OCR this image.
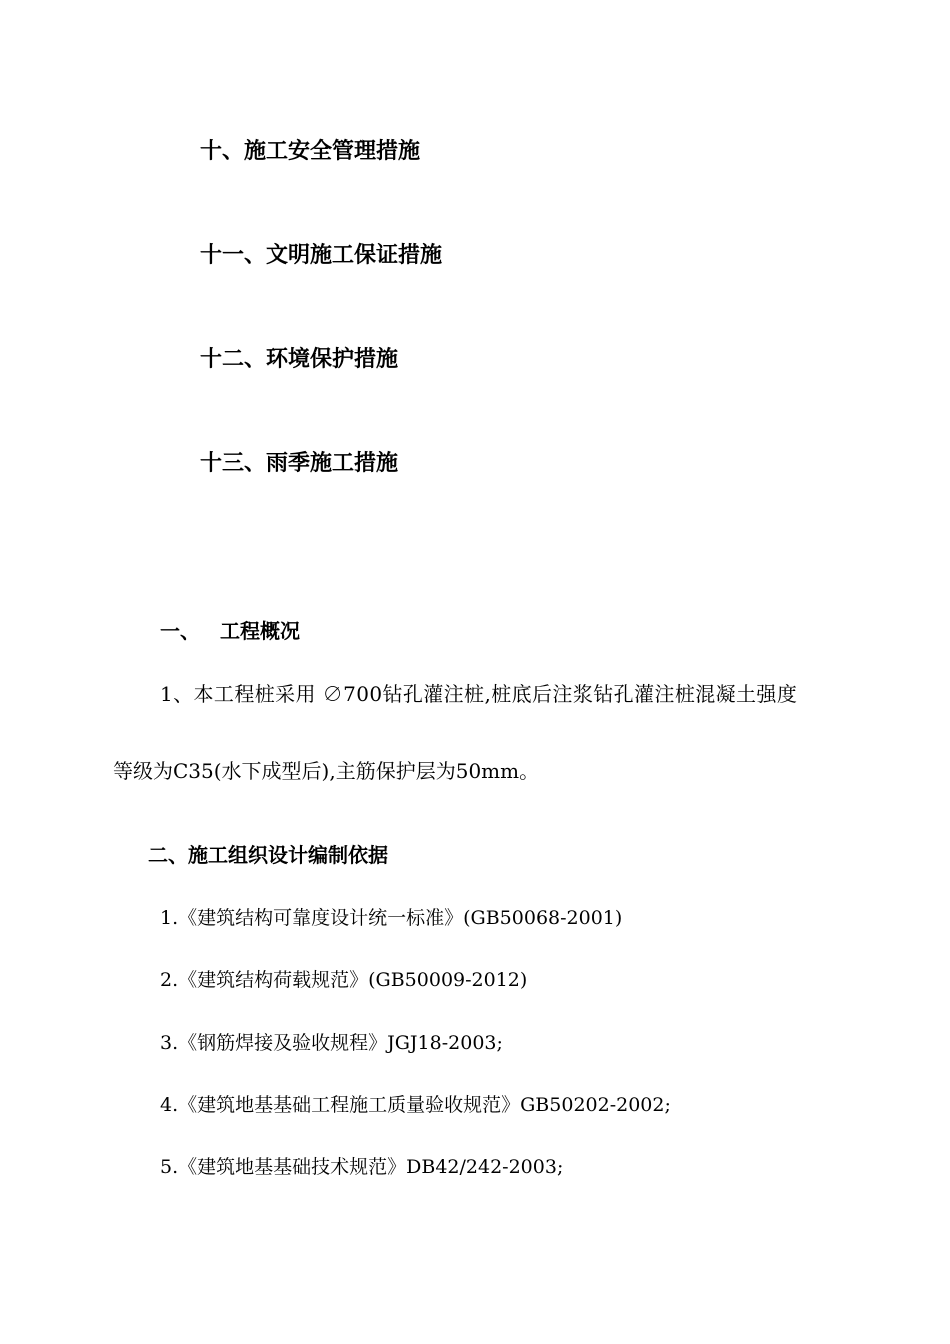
十、施工安全管理措施
十一、文明施工保证措施
十二、环境保护措施
十三、雨季施工措施
一、 工程概况
1、本工程桩采用 ∅700钻孔灌注桩,桩底后注浆钻孔灌注桩混凝土强度
等级为C35(水下成型后),主筋保护层为50mm。
二、施工组织设计编制依据
1.《建筑结构可靠度设计统一标准》(GB50068-2001)
2.《建筑结构荷载规范》(GB50009-2012)
3.《钢筋焊接及验收规程》JGJ18-2003;
4.《建筑地基基础工程施工质量验收规范》GB50202-2002;
5.《建筑地基基础技术规范》DB42/242-2003;
